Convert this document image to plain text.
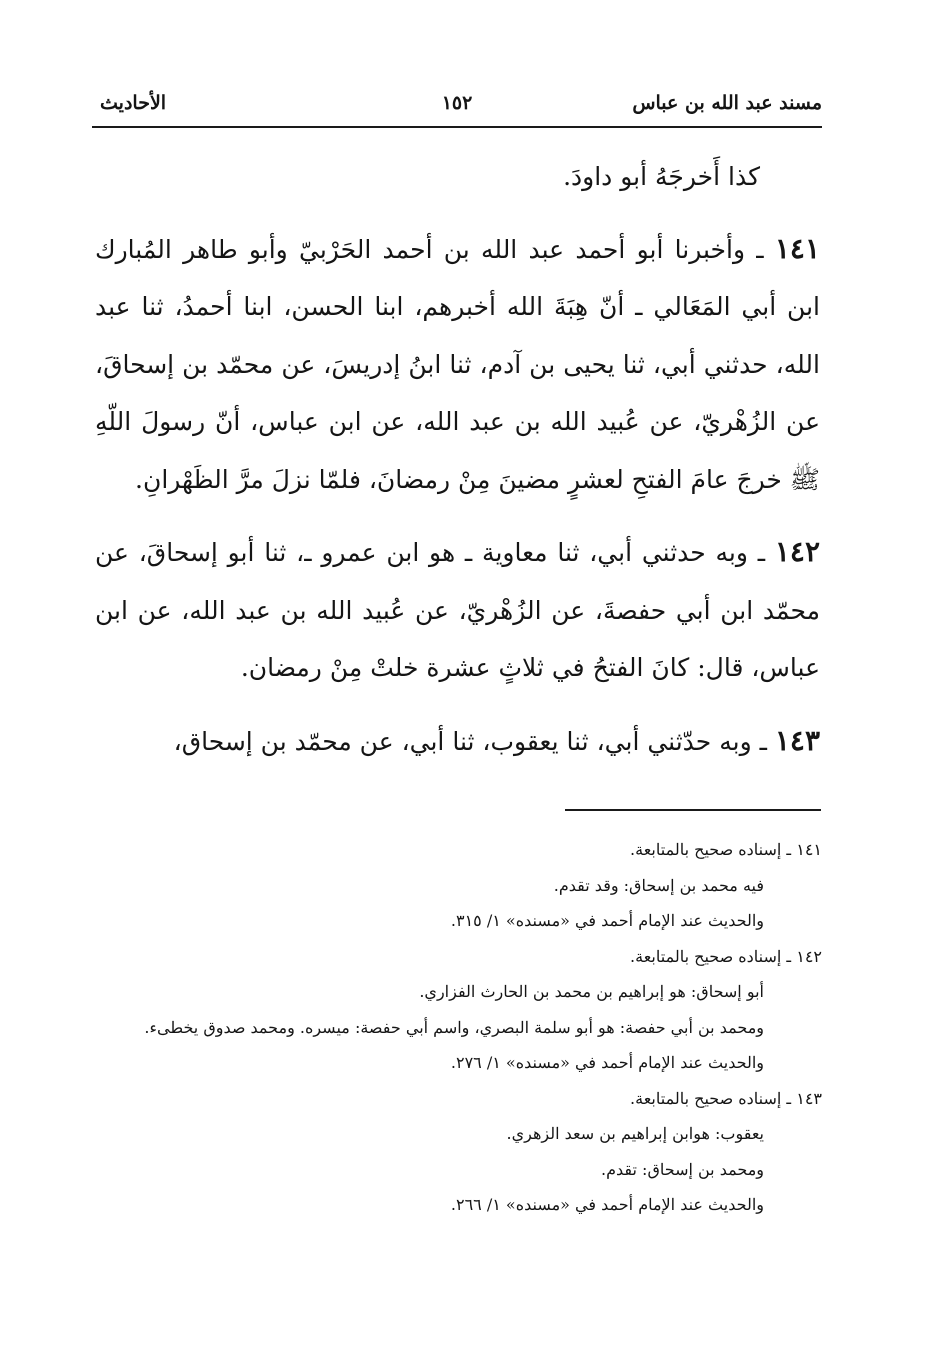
مسند عبد الله بن عباس
١٥٢
الأحاديث

كذا أَخرجَهُ أبو داودَ.

١٤١ ـ وأخبرنا أبو أحمد عبد الله بن أحمد الحَرْبيّ وأبو طاهر المُبارك ابن أبي المَعَالي ـ أنّ هِبَةَ الله أخبرهم، ابنا الحسن، ابنا أحمدُ، ثنا عبد الله، حدثني أبي، ثنا يحيى بن آدم، ثنا ابنُ إدريسَ، عن محمّد بن إسحاقَ، عن الزُهْريّ، عن عُبيد الله بن عبد الله، عن ابن عباس، أنّ رسولَ اللّهِ ﷺ خرجَ عامَ الفتحِ لعشرٍ مضينَ مِنْ رمضانَ، فلمّا نزلَ مرَّ الظَهْرانِ.

١٤٢ ـ وبه حدثني أبي، ثنا معاوية ـ هو ابن عمرو ـ، ثنا أبو إسحاقَ، عن محمّد ابن أبي حفصةَ، عن الزُهْريّ، عن عُبيد الله بن عبد الله، عن ابن عباس، قال: كانَ الفتحُ في ثلاثٍ عشرة خلتْ مِنْ رمضان.

١٤٣ ـ وبه حدّثني أبي، ثنا يعقوب، ثنا أبي، عن محمّد بن إسحاق،

١٤١ ـ إسناده صحيح بالمتابعة.

فيه محمد بن إسحاق: وقد تقدم.

والحديث عند الإمام أحمد في «مسنده» ١/ ٣١٥.

١٤٢ ـ إسناده صحيح بالمتابعة.

أبو إسحاق: هو إبراهيم بن محمد بن الحارث الفزاري.

ومحمد بن أبي حفصة: هو أبو سلمة البصري، واسم أبي حفصة: ميسره. ومحمد صدوق يخطىء.

والحديث عند الإمام أحمد في «مسنده» ١/ ٢٧٦.

١٤٣ ـ إسناده صحيح بالمتابعة.

يعقوب: هوابن إبراهيم بن سعد الزهري.

ومحمد بن إسحاق: تقدم.

والحديث عند الإمام أحمد في «مسنده» ١/ ٢٦٦.
